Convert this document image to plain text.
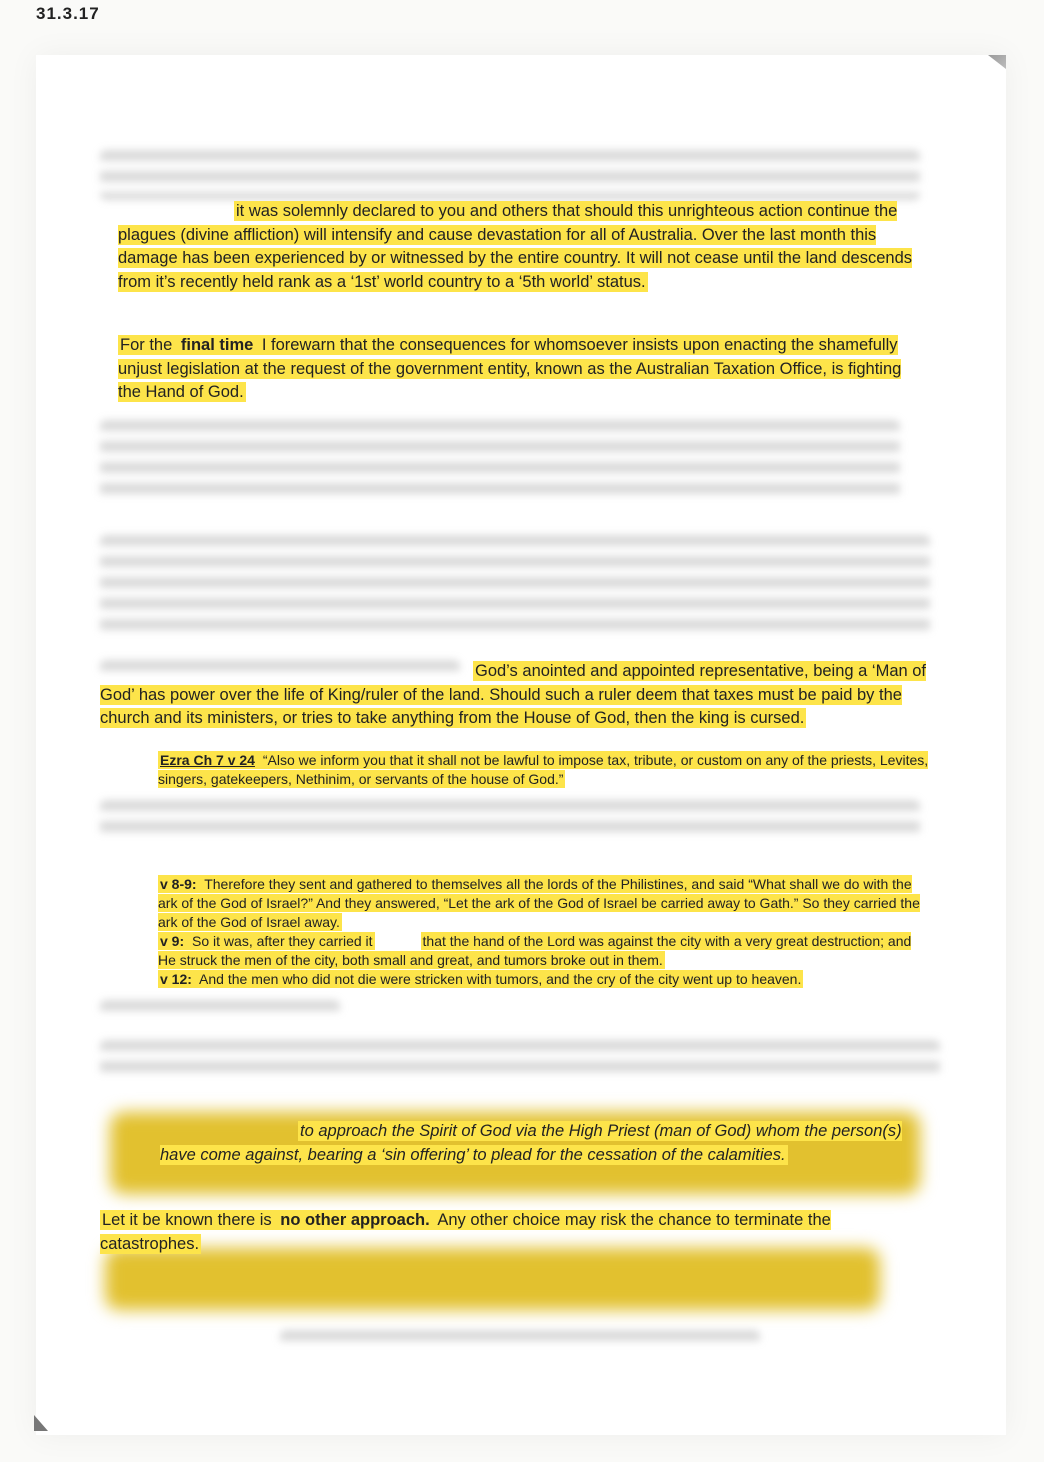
31.3.17

it was solemnly declared to you and others that should this unrighteous action continue the plagues (divine affliction) will intensify and cause devastation for all of Australia. Over the last month this damage has been experienced by or witnessed by the entire country. It will not cease until the land descends from it’s recently held rank as a ‘1st’ world country to a ‘5th world’ status.

For the final time I forewarn that the consequences for whomsoever insists upon enacting the shamefully unjust legislation at the request of the government entity, known as the Australian Taxation Office, is fighting the Hand of God.

God’s anointed and appointed representative, being a ‘Man of God’ has power over the life of King/ruler of the land. Should such a ruler deem that taxes must be paid by the church and its ministers, or tries to take anything from the House of God, then the king is cursed.

Ezra Ch 7 v 24 “Also we inform you that it shall not be lawful to impose tax, tribute, or custom on any of the priests, Levites, singers, gatekeepers, Nethinim, or servants of the house of God.”

v 8-9: Therefore they sent and gathered to themselves all the lords of the Philistines, and said “What shall we do with the ark of the God of Israel?” And they answered, “Let the ark of the God of Israel be carried away to Gath.” So they carried the ark of the God of Israel away.
v 9: So it was, after they carried it	that the hand of the Lord was against the city with a very great destruction; and He struck the men of the city, both small and great, and tumors broke out in them.
v 12: And the men who did not die were stricken with tumors, and the cry of the city went up to heaven.

to approach the Spirit of God via the High Priest (man of God) whom the person(s) have come against, bearing a ‘sin offering’ to plead for the cessation of the calamities.

Let it be known there is no other approach. Any other choice may risk the chance to terminate the catastrophes.
